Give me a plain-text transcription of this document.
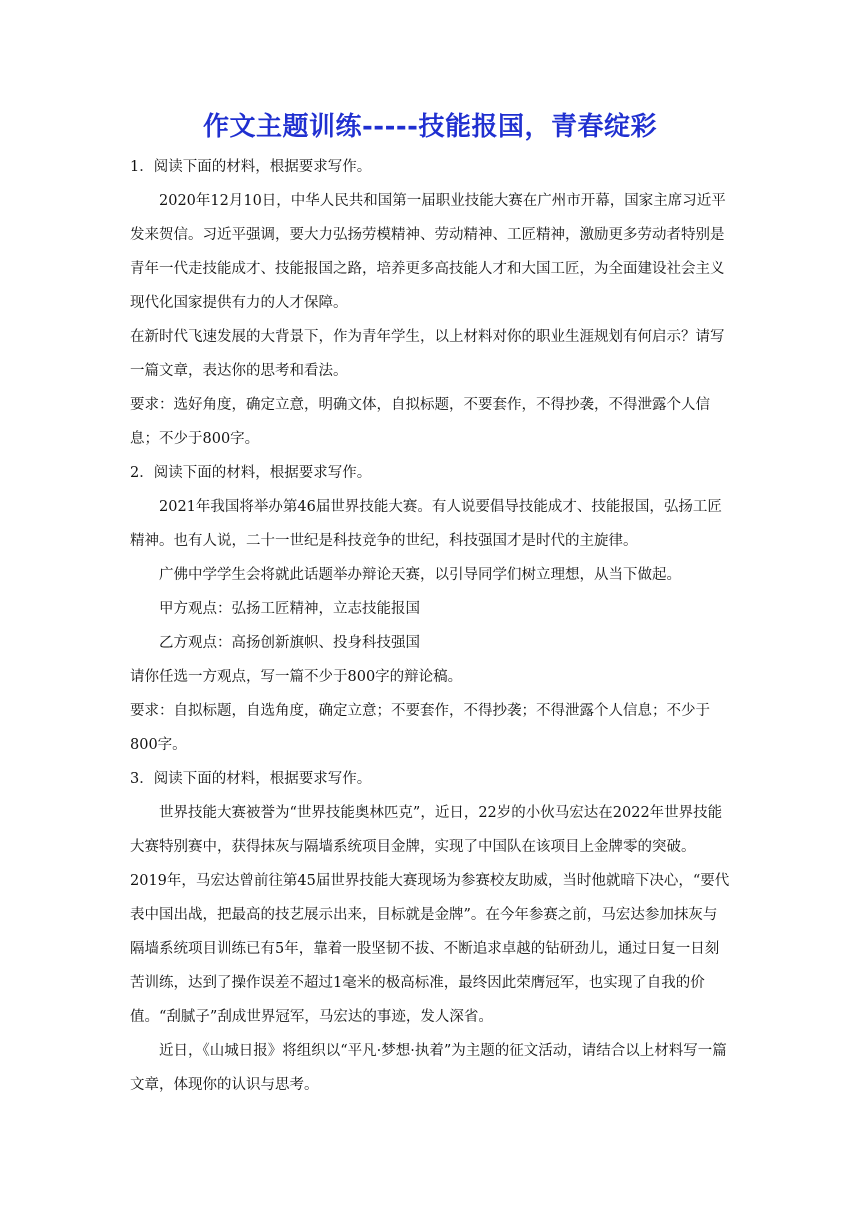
作文主题训练-----技能报国，青春绽彩

1．阅读下面的材料，根据要求写作。

2020年12月10日，中华人民共和国第一届职业技能大赛在广州市开幕，国家主席习近平发来贺信。习近平强调，要大力弘扬劳模精神、劳动精神、工匠精神，激励更多劳动者特别是青年一代走技能成才、技能报国之路，培养更多高技能人才和大国工匠，为全面建设社会主义现代化国家提供有力的人才保障。

在新时代飞速发展的大背景下，作为青年学生，以上材料对你的职业生涯规划有何启示？请写一篇文章，表达你的思考和看法。

要求：选好角度，确定立意，明确文体，自拟标题，不要套作，不得抄袭，不得泄露个人信息；不少于800字。

2．阅读下面的材料，根据要求写作。

2021年我国将举办第46届世界技能大赛。有人说要倡导技能成才、技能报国，弘扬工匠精神。也有人说，二十一世纪是科技竞争的世纪，科技强国才是时代的主旋律。

广佛中学学生会将就此话题举办辩论天赛，以引导同学们树立理想，从当下做起。

甲方观点：弘扬工匠精神，立志技能报国

乙方观点：高扬创新旗帜、投身科技强国

请你任选一方观点，写一篇不少于800字的辩论稿。

要求：自拟标题，自选角度，确定立意；不要套作，不得抄袭；不得泄露个人信息；不少于800字。

3．阅读下面的材料，根据要求写作。

世界技能大赛被誉为“世界技能奥林匹克”，近日，22岁的小伙马宏达在2022年世界技能大赛特别赛中，获得抹灰与隔墙系统项目金牌，实现了中国队在该项目上金牌零的突破。2019年，马宏达曾前往第45届世界技能大赛现场为参赛校友助威，当时他就暗下决心，“要代表中国出战，把最高的技艺展示出来，目标就是金牌”。在今年参赛之前，马宏达参加抹灰与隔墙系统项目训练已有5年，靠着一股坚韧不拔、不断追求卓越的钻研劲儿，通过日复一日刻苦训练，达到了操作误差不超过1毫米的极高标准，最终因此荣膺冠军，也实现了自我的价值。“刮腻子”刮成世界冠军，马宏达的事迹，发人深省。

近日，《山城日报》将组织以“平凡·梦想·执着”为主题的征文活动，请结合以上材料写一篇文章，体现你的认识与思考。
